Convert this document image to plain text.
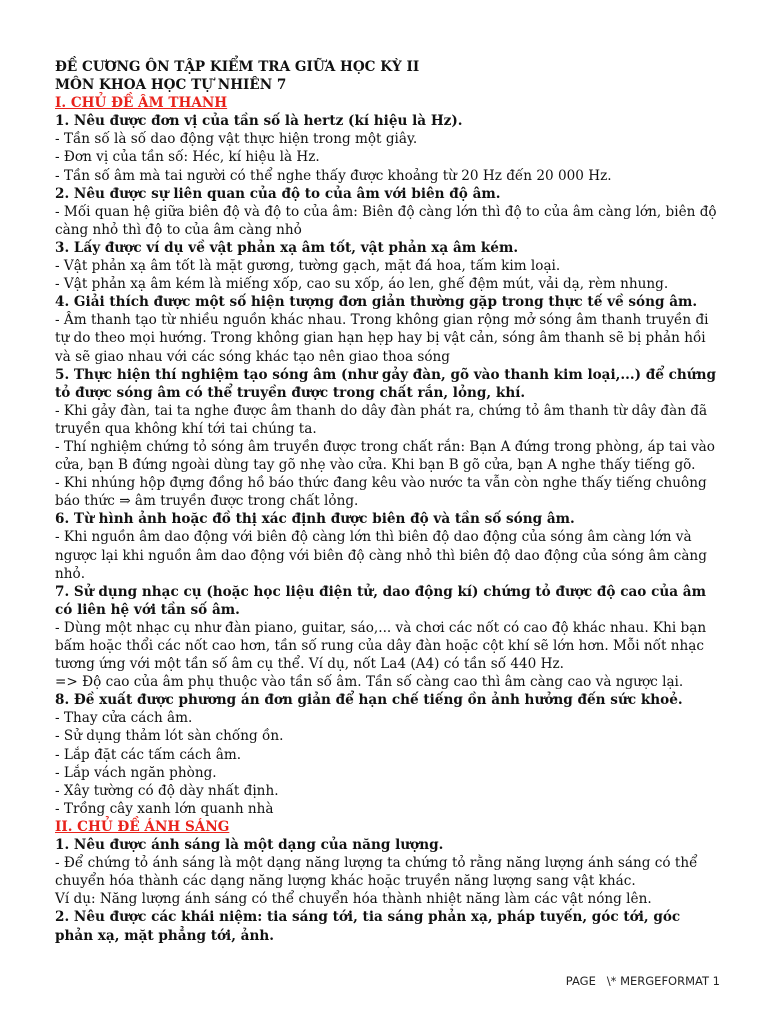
ĐỀ CƯƠNG ÔN TẬP KIỂM TRA GIỮA HỌC KỲ II

MÔN KHOA HỌC TỰ NHIÊN 7

I. CHỦ ĐỀ ÂM THANH

1. Nêu được đơn vị của tần số là hertz (kí hiệu là Hz).

- Tần số là số dao động vật thực hiện trong một giây.

- Đơn vị của tần số: Héc, kí hiệu là Hz.

- Tần số âm mà tai người có thể nghe thấy được khoảng từ 20 Hz đến 20 000 Hz.

2. Nêu được sự liên quan của độ to của âm với biên độ âm.

- Mối quan hệ giữa biên độ và độ to của âm: Biên độ càng lớn thì độ to của âm càng lớn, biên độ càng nhỏ thì độ to của âm càng nhỏ

3. Lấy được ví dụ về vật phản xạ âm tốt, vật phản xạ âm kém.

- Vật phản xạ âm tốt là mặt gương, tường gạch, mặt đá hoa, tấm kim loại.

- Vật phản xạ âm kém là miếng xốp, cao su xốp, áo len, ghế đệm mút, vải dạ, rèm nhung.

4. Giải thích được một số hiện tượng đơn giản thường gặp trong thực tế về sóng âm.

- Âm thanh tạo từ nhiều nguồn khác nhau. Trong không gian rộng mở sóng âm thanh truyền đi tự do theo mọi hướng. Trong không gian hạn hẹp hay bị vật cản, sóng âm thanh sẽ bị phản hồi và sẽ giao nhau với các sóng khác tạo nên giao thoa sóng

5. Thực hiện thí nghiệm tạo sóng âm (như gảy đàn, gõ vào thanh kim loại,...) để chứng tỏ được sóng âm có thể truyền được trong chất rắn, lỏng, khí.

- Khi gảy đàn, tai ta nghe được âm thanh do dây đàn phát ra, chứng tỏ âm thanh từ dây đàn đã truyền qua không khí tới tai chúng ta.

- Thí nghiệm chứng tỏ sóng âm truyền được trong chất rắn: Bạn A đứng trong phòng, áp tai vào cửa, bạn B đứng ngoài dùng tay gõ nhẹ vào cửa. Khi bạn B gõ cửa, bạn A nghe thấy tiếng gõ.

- Khi nhúng hộp đựng đồng hồ báo thức đang kêu vào nước ta vẫn còn nghe thấy tiếng chuông báo thức ⇒ âm truyền được trong chất lỏng.

6. Từ hình ảnh hoặc đồ thị xác định được biên độ và tần số sóng âm.

- Khi nguồn âm dao động với biên độ càng lớn thì biên độ dao động của sóng âm càng lớn và ngược lại khi nguồn âm dao động với biên độ càng nhỏ thì biên độ dao động của sóng âm càng nhỏ.

7. Sử dụng nhạc cụ (hoặc học liệu điện tử, dao động kí) chứng tỏ được độ cao của âm có liên hệ với tần số âm.

- Dùng một nhạc cụ như đàn piano, guitar, sáo,... và chơi các nốt có cao độ khác nhau. Khi bạn bấm hoặc thổi các nốt cao hơn, tần số rung của dây đàn hoặc cột khí sẽ lớn hơn. Mỗi nốt nhạc tương ứng với một tần số âm cụ thể. Ví dụ, nốt La4 (A4) có tần số 440 Hz.

=> Độ cao của âm phụ thuộc vào tần số âm. Tần số càng cao thì âm càng cao và ngược lại.

8. Đề xuất được phương án đơn giản để hạn chế tiếng ồn ảnh hưởng đến sức khoẻ.

- Thay cửa cách âm.

- Sử dụng thảm lót sàn chống ồn.

- Lắp đặt các tấm cách âm.

- Lắp vách ngăn phòng.

- Xây tường có độ dày nhất định.

- Trồng cây xanh lớn quanh nhà

II. CHỦ ĐỀ ÁNH SÁNG

1. Nêu được ánh sáng là một dạng của năng lượng.

- Để chứng tỏ ánh sáng là một dạng năng lượng ta chứng tỏ rằng năng lượng ánh sáng có thể chuyển hóa thành các dạng năng lượng khác hoặc truyền năng lượng sang vật khác.

Ví dụ: Năng lượng ánh sáng có thể chuyển hóa thành nhiệt năng làm các vật nóng lên.

2. Nêu được các khái niệm: tia sáng tới, tia sáng phản xạ, pháp tuyến, góc tới, góc phản xạ, mặt phẳng tới, ảnh.

PAGE   \* MERGEFORMAT 1
